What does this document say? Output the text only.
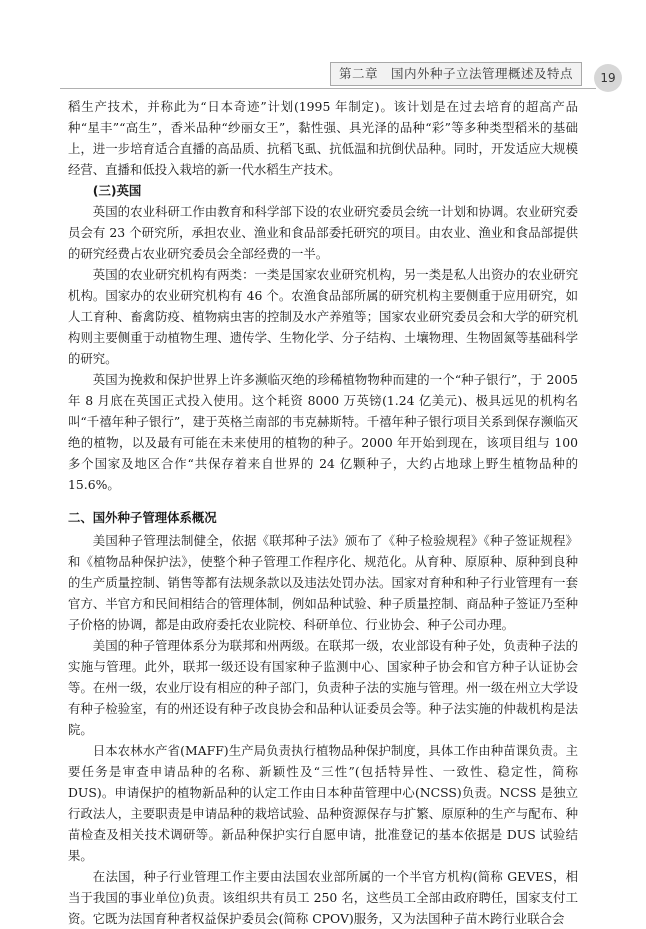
第二章　国内外种子立法管理概述及特点	19

稻生产技术，并称此为“日本奇迹”计划(1995 年制定)。该计划是在过去培育的超高产品种“星丰”“高生”，香米品种“纱丽女王”，黏性强、具光泽的品种“彩”等多种类型稻米的基础上，进一步培育适合直播的高品质、抗稻飞虱、抗低温和抗倒伏品种。同时，开发适应大规模经营、直播和低投入栽培的新一代水稻生产技术。

(三)英国

英国的农业科研工作由教育和科学部下设的农业研究委员会统一计划和协调。农业研究委员会有 23 个研究所，承担农业、渔业和食品部委托研究的项目。由农业、渔业和食品部提供的研究经费占农业研究委员会全部经费的一半。

英国的农业研究机构有两类：一类是国家农业研究机构，另一类是私人出资办的农业研究机构。国家办的农业研究机构有 46 个。农渔食品部所属的研究机构主要侧重于应用研究，如人工育种、畜禽防疫、植物病虫害的控制及水产养殖等；国家农业研究委员会和大学的研究机构则主要侧重于动植物生理、遗传学、生物化学、分子结构、土壤物理、生物固氮等基础科学的研究。

英国为挽救和保护世界上许多濒临灭绝的珍稀植物物种而建的一个“种子银行”，于 2005 年 8 月底在英国正式投入使用。这个耗资 8000 万英镑(1.24 亿美元)、极具远见的机构名叫“千禧年种子银行”，建于英格兰南部的韦克赫斯特。千禧年种子银行项目关系到保存濒临灭绝的植物，以及最有可能在未来使用的植物的种子。2000 年开始到现在，该项目组与 100 多个国家及地区合作“共保存着来自世界的 24 亿颗种子，大约占地球上野生植物品种的 15.6%。

二、国外种子管理体系概况

美国种子管理法制健全，依据《联邦种子法》颁布了《种子检验规程》《种子签证规程》和《植物品种保护法》，使整个种子管理工作程序化、规范化。从育种、原原种、原种到良种的生产质量控制、销售等都有法规条款以及违法处罚办法。国家对育种和种子行业管理有一套官方、半官方和民间相结合的管理体制，例如品种试验、种子质量控制、商品种子签证乃至种子价格的协调，都是由政府委托农业院校、科研单位、行业协会、种子公司办理。

美国的种子管理体系分为联邦和州两级。在联邦一级，农业部设有种子处，负责种子法的实施与管理。此外，联邦一级还设有国家种子监测中心、国家种子协会和官方种子认证协会等。在州一级，农业厅设有相应的种子部门，负责种子法的实施与管理。州一级在州立大学设有种子检验室，有的州还设有种子改良协会和品种认证委员会等。种子法实施的仲裁机构是法院。

日本农林水产省(MAFF)生产局负责执行植物品种保护制度，具体工作由种苗课负责。主要任务是审查申请品种的名称、新颖性及“三性”(包括特异性、一致性、稳定性，简称 DUS)。申请保护的植物新品种的认定工作由日本种苗管理中心(NCSS)负责。NCSS 是独立行政法人，主要职责是申请品种的栽培试验、品种资源保存与扩繁、原原种的生产与配布、种苗检查及相关技术调研等。新品种保护实行自愿申请，批准登记的基本依据是 DUS 试验结果。

在法国，种子行业管理工作主要由法国农业部所属的一个半官方机构(简称 GEVES，相当于我国的事业单位)负责。该组织共有员工 250 名，这些员工全部由政府聘任，国家支付工资。它既为法国育种者权益保护委员会(简称 CPOV)服务，又为法国种子苗木跨行业联合会
